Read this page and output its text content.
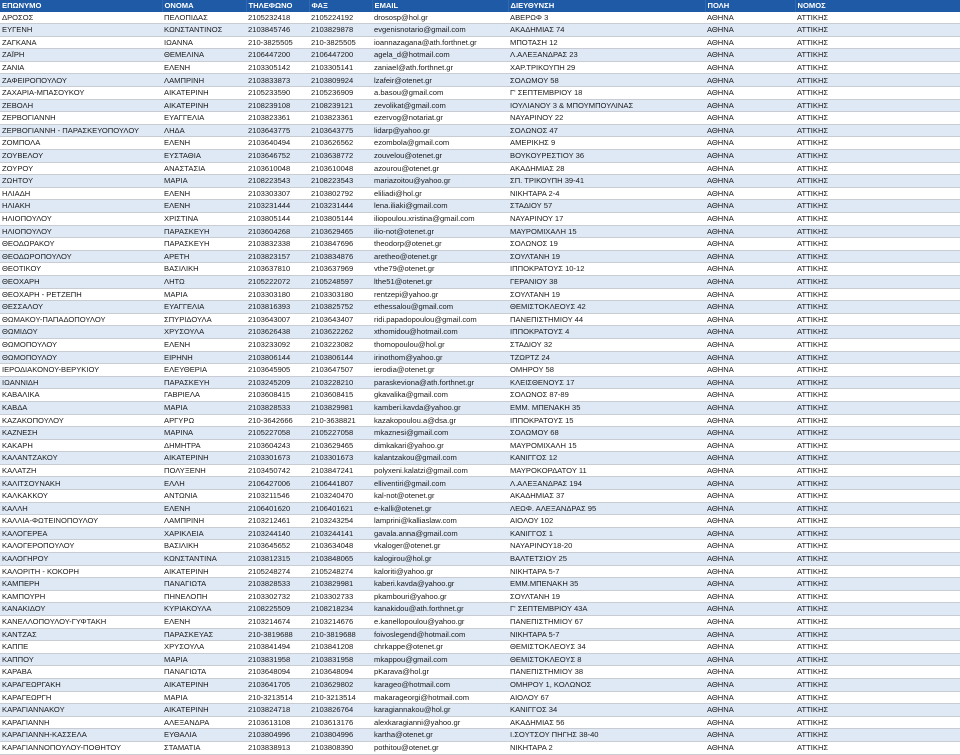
ΕΠΩΝΥΜΟ	ΟΝΟΜΑ	ΤΗΛΕΦΩΝΟ	ΦΑΞ	EMAIL	ΔΙΕΥΘΥΝΣΗ	ΠΟΛΗ	ΝΟΜΟΣ
ΔΡΟΣΟΣ	ΠΕΛΟΠΙΔΑΣ	2105232418	2105224192	drososp@hol.gr	ΑΒΕΡΩΦ 3	ΑΘΗΝΑ	ΑΤΤΙΚΗΣ
ΕΥΓΕΝΗ	ΚΩΝΣΤΑΝΤΙΝΟΣ	2103845746	2103829878	evgenisnotario@gmail.com	ΑΚΑΔΗΜΙΑΣ 74	ΑΘΗΝΑ	ΑΤΤΙΚΗΣ
ΖΑΓΚΑΝΑ	ΙΩΑΝΝΑ	210-3825505	210-3825505	ioannazagana@ath.forthnet.gr	ΜΠΟΤΑΣΗ 12	ΑΘΗΝΑ	ΑΤΤΙΚΗΣ
ΖΑΪΡΗ	ΘΕΜΕΛΙΝΑ	2106447200	2106447200	agela_d@hotmail.com	Λ.ΑΛΕΞΑΝΔΡΑΣ 23	ΑΘΗΝΑ	ΑΤΤΙΚΗΣ
ΖΑΝΙΑ	ΕΛΕΝΗ	2103305142	2103305141	zaniael@ath.forthnet.gr	ΧΑΡ.ΤΡΙΚΟΥΠΗ 29	ΑΘΗΝΑ	ΑΤΤΙΚΗΣ
ΖΑΦΕΙΡΟΠΟΥΛΟΥ	ΛΑΜΠΡΙΝΗ	2103833873	2103809924	lzafeir@otenet.gr	ΣΟΛΩΜΟΥ 58	ΑΘΗΝΑ	ΑΤΤΙΚΗΣ
ΖΑΧΑΡΙΑ-ΜΠΑΣΟΥΚΟΥ	ΑΙΚΑΤΕΡΙΝΗ	2105233590	2105236909	a.basou@gmail.com	Γ' ΣΕΠΤΕΜΒΡΙΟΥ 18	ΑΘΗΝΑ	ΑΤΤΙΚΗΣ
ΖΕΒΟΛΗ	ΑΙΚΑΤΕΡΙΝΗ	2108239108	2108239121	zevolikat@gmail.com	ΙΟΥΛΙΑΝΟΥ 3 & ΜΠΟΥΜΠΟΥΛΙΝΑΣ	ΑΘΗΝΑ	ΑΤΤΙΚΗΣ
ΖΕΡΒΟΓΙΑΝΝΗ	ΕΥΑΓΓΕΛΙΑ	2103823361	2103823361	ezervog@notariat.gr	ΝΑΥΑΡΙΝΟΥ 22	ΑΘΗΝΑ	ΑΤΤΙΚΗΣ
ΖΕΡΒΟΓΙΑΝΝΗ - ΠΑΡΑΣΚΕΥΟΠΟΥΛΟΥ	ΛΗΔΑ	2103643775	2103643775	lidarp@yahoo.gr	ΣΟΛΩΝΟΣ 47	ΑΘΗΝΑ	ΑΤΤΙΚΗΣ
ΖΟΜΠΟΛΑ	ΕΛΕΝΗ	2103640494	2103626562	ezombola@gmail.com	ΑΜΕΡΙΚΗΣ 9	ΑΘΗΝΑ	ΑΤΤΙΚΗΣ
ΖΟΥΒΕΛΟΥ	ΕΥΣΤΑΘΙΑ	2103646752	2103638772	zouvelou@otenet.gr	ΒΟΥΚΟΥΡΕΣΤΙΟΥ 36	ΑΘΗΝΑ	ΑΤΤΙΚΗΣ
ΖΟΥΡΟΥ	ΑΝΑΣΤΑΣΙΑ	2103610048	2103610048	azourou@otenet.gr	ΑΚΑΔΗΜΙΑΣ 28	ΑΘΗΝΑ	ΑΤΤΙΚΗΣ
ΖΩΗΤΟΥ	ΜΑΡΙΑ	2108223543	2108223543	mariazoitou@yahoo.gr	ΣΠ. ΤΡΙΚΟΥΠΗ 39-41	ΑΘΗΝΑ	ΑΤΤΙΚΗΣ
ΗΛΙΑΔΗ	ΕΛΕΝΗ	2103303307	2103802792	eliliadi@hol.gr	ΝΙΚΗΤΑΡΑ 2-4	ΑΘΗΝΑ	ΑΤΤΙΚΗΣ
ΗΛΙΑΚΗ	ΕΛΕΝΗ	2103231444	2103231444	lena.iliaki@gmail.com	ΣΤΑΔΙΟΥ 57	ΑΘΗΝΑ	ΑΤΤΙΚΗΣ
ΗΛΙΟΠΟΥΛΟΥ	ΧΡΙΣΤΙΝΑ	2103805144	2103805144	iliopoulou.xristina@gmail.com	ΝΑΥΑΡΙΝΟΥ 17	ΑΘΗΝΑ	ΑΤΤΙΚΗΣ
ΗΛΙΟΠΟΥΛΟΥ	ΠΑΡΑΣΚΕΥΗ	2103604268	2103629465	ilio-not@otenet.gr	ΜΑΥΡΟΜΙΧΑΛΗ 15	ΑΘΗΝΑ	ΑΤΤΙΚΗΣ
ΘΕΟΔΩΡΑΚΟΥ	ΠΑΡΑΣΚΕΥΗ	2103832338	2103847696	theodorp@otenet.gr	ΣΟΛΩΝΟΣ 19	ΑΘΗΝΑ	ΑΤΤΙΚΗΣ
ΘΕΟΔΩΡΟΠΟΥΛΟΥ	ΑΡΕΤΗ	2103823157	2103834876	aretheo@otenet.gr	ΣΟΥΛΤΑΝΗ 19	ΑΘΗΝΑ	ΑΤΤΙΚΗΣ
ΘΕΟΤΙΚΟΥ	ΒΑΣΙΛΙΚΗ	2103637810	2103637969	vthe79@otenet.gr	ΙΠΠΟΚΡΑΤΟΥΣ 10-12	ΑΘΗΝΑ	ΑΤΤΙΚΗΣ
ΘΕΟΧΑΡΗ	ΛΗΤΩ	2105222072	2105248597	lthe51@otenet.gr	ΓΕΡΑΝΙΟΥ 38	ΑΘΗΝΑ	ΑΤΤΙΚΗΣ
ΘΕΟΧΑΡΗ - ΡΕΤΖΕΠΗ	ΜΑΡΙΑ	2103303180	2103303180	rentzepi@yahoo.gr	ΣΟΥΛΤΑΝΗ 19	ΑΘΗΝΑ	ΑΤΤΙΚΗΣ
ΘΕΣΣΑΛΟΥ	ΕΥΑΓΓΕΛΙΑ	2103816393	2103825752	ethessalou@gmail.com	ΘΕΜΙΣΤΟΚΛΕΟΥΣ 42	ΑΘΗΝΑ	ΑΤΤΙΚΗΣ
ΘΩΜΑΚΟΥ-ΠΑΠΑΔΟΠΟΥΛΟΥ	ΣΠΥΡΙΔΟΥΛΑ	2103643007	2103643407	ridi.papadopoulou@gmail.com	ΠΑΝΕΠΙΣΤΗΜΙΟΥ 44	ΑΘΗΝΑ	ΑΤΤΙΚΗΣ
ΘΩΜΙΔΟΥ	ΧΡΥΣΟΥΛΑ	2103626438	2103622262	xthomidou@hotmail.com	ΙΠΠΟΚΡΑΤΟΥΣ 4	ΑΘΗΝΑ	ΑΤΤΙΚΗΣ
ΘΩΜΟΠΟΥΛΟΥ	ΕΛΕΝΗ	2103233092	2103223082	thomopoulou@hol.gr	ΣΤΑΔΙΟΥ 32	ΑΘΗΝΑ	ΑΤΤΙΚΗΣ
ΘΩΜΟΠΟΥΛΟΥ	ΕΙΡΗΝΗ	2103806144	2103806144	irinothom@yahoo.gr	ΤΖΩΡΤΖ 24	ΑΘΗΝΑ	ΑΤΤΙΚΗΣ
ΙΕΡΟΔΙΑΚΟΝΟΥ-ΒΕΡΥΚΙΟΥ	ΕΛΕΥΘΕΡΙΑ	2103645905	2103647507	ierodia@otenet.gr	ΟΜΗΡΟΥ 58	ΑΘΗΝΑ	ΑΤΤΙΚΗΣ
ΙΩΑΝΝΙΔΗ	ΠΑΡΑΣΚΕΥΗ	2103245209	2103228210	paraskeviona@ath.forthnet.gr	ΚΛΕΙΣΘΕΝΟΥΣ 17	ΑΘΗΝΑ	ΑΤΤΙΚΗΣ
ΚΑΒΑΛΙΚΑ	ΓΑΒΡΙΕΛΑ	2103608415	2103608415	gkavalika@gmail.com	ΣΟΛΩΝΟΣ 87-89	ΑΘΗΝΑ	ΑΤΤΙΚΗΣ
ΚΑΒΔΑ	ΜΑΡΙΑ	2103828533	2103829981	kamberi.kavda@yahoo.gr	ΕΜΜ. ΜΠΕΝΑΚΗ 35	ΑΘΗΝΑ	ΑΤΤΙΚΗΣ
ΚΑΖΑΚΟΠΟΥΛΟΥ	ΑΡΓΥΡΩ	210-3642666	210-3638821	kazakopoulou.a@dsa.gr	ΙΠΠΟΚΡΑΤΟΥΣ 15	ΑΘΗΝΑ	ΑΤΤΙΚΗΣ
ΚΑΖΝΕΣΗ	ΜΑΡΙΝΑ	2105227058	2105227058	mkaznesi@gmail.com	ΣΟΛΩΜΟΥ 68	ΑΘΗΝΑ	ΑΤΤΙΚΗΣ
ΚΑΚΑΡΗ	ΔΗΜΗΤΡΑ	2103604243	2103629465	dimkakari@yahoo.gr	ΜΑΥΡΟΜΙΧΑΛΗ 15	ΑΘΗΝΑ	ΑΤΤΙΚΗΣ
ΚΑΛΑΝΤΖΑΚΟΥ	ΑΙΚΑΤΕΡΙΝΗ	2103301673	2103301673	kalantzakou@gmail.com	ΚΑΝΙΓΓΟΣ 12	ΑΘΗΝΑ	ΑΤΤΙΚΗΣ
ΚΑΛΑΤΖΗ	ΠΟΛΥΞΕΝΗ	2103450742	2103847241	polyxeni.kalatzi@gmail.com	ΜΑΥΡΟΚΟΡΔΑΤΟΥ 11	ΑΘΗΝΑ	ΑΤΤΙΚΗΣ
ΚΑΛΙΤΣΟΥΝΑΚΗ	ΕΛΛΗ	2106427006	2106441807	elliventiri@gmail.com	Λ.ΑΛΕΞΑΝΔΡΑΣ 194	ΑΘΗΝΑ	ΑΤΤΙΚΗΣ
ΚΑΛΚΑΚΚΟΥ	ΑΝΤΩΝΙΑ	2103211546	2103240470	kal-not@otenet.gr	ΑΚΑΔΗΜΙΑΣ 37	ΑΘΗΝΑ	ΑΤΤΙΚΗΣ
ΚΑΛΛΗ	ΕΛΕΝΗ	2106401620	2106401621	e-kalli@otenet.gr	ΛΕΩΦ. ΑΛΕΞΑΝΔΡΑΣ 95	ΑΘΗΝΑ	ΑΤΤΙΚΗΣ
ΚΑΛΛΙΑ-ΦΩΤΕΙΝΟΠΟΥΛΟΥ	ΛΑΜΠΡΙΝΗ	2103212461	2103243254	lamprini@kalliaslaw.com	ΑΙΟΛΟΥ 102	ΑΘΗΝΑ	ΑΤΤΙΚΗΣ
ΚΑΛΟΓΕΡΕΑ	ΧΑΡΙΚΛΕΙΑ	2103244140	2103244141	gavala.anna@gmail.com	ΚΑΝΙΓΓΟΣ 1	ΑΘΗΝΑ	ΑΤΤΙΚΗΣ
ΚΑΛΟΓΕΡΟΠΟΥΛΟΥ	ΒΑΣΙΛΙΚΗ	2103645652	2103634048	vkaloger@otenet.gr	ΝΑΥΑΡΙΝΟΥ18-20	ΑΘΗΝΑ	ΑΤΤΙΚΗΣ
ΚΑΛΟΓΗΡΟΥ	ΚΩΝΣΤΑΝΤΙΝΑ	2103812315	2103848065	kalogirou@hol.gr	ΒΑΛΤΕΤΣΙΟΥ 25	ΑΘΗΝΑ	ΑΤΤΙΚΗΣ
ΚΑΛΟΡΙΤΗ - ΚΟΚΟΡΗ	ΑΙΚΑΤΕΡΙΝΗ	2105248274	2105248274	kaloriti@yahoo.gr	ΝΙΚΗΤΑΡΑ 5-7	ΑΘΗΝΑ	ΑΤΤΙΚΗΣ
ΚΑΜΠΕΡΗ	ΠΑΝΑΓΙΩΤΑ	2103828533	2103829981	kaberi.kavda@yahoo.gr	ΕΜΜ.ΜΠΕΝΑΚΗ 35	ΑΘΗΝΑ	ΑΤΤΙΚΗΣ
ΚΑΜΠΟΥΡΗ	ΠΗΝΕΛΟΠΗ	2103302732	2103302733	pkambouri@yahoo.gr	ΣΟΥΛΤΑΝΗ 19	ΑΘΗΝΑ	ΑΤΤΙΚΗΣ
ΚΑΝΑΚΙΔΟΥ	ΚΥΡΙΑΚΟΥΛΑ	2108225509	2108218234	kanakidou@ath.forthnet.gr	Γ' ΣΕΠΤΕΜΒΡΙΟΥ 43Α	ΑΘΗΝΑ	ΑΤΤΙΚΗΣ
ΚΑΝΕΛΛΟΠΟΥΛΟΥ-ΓΥΦΤΑΚΗ	ΕΛΕΝΗ	2103214674	2103214676	e.kanellopoulou@yahoo.gr	ΠΑΝΕΠΙΣΤΗΜΙΟΥ 67	ΑΘΗΝΑ	ΑΤΤΙΚΗΣ
ΚΑΝΤΖΑΣ	ΠΑΡΑΣΚΕΥΑΣ	210-3819688	210-3819688	foivoslegend@hotmail.com	ΝΙΚΗΤΑΡΑ 5-7	ΑΘΗΝΑ	ΑΤΤΙΚΗΣ
ΚΑΠΠΕ	ΧΡΥΣΟΥΛΑ	2103841494	2103841208	chrkappe@otenet.gr	ΘΕΜΙΣΤΟΚΛΕΟΥΣ 34	ΑΘΗΝΑ	ΑΤΤΙΚΗΣ
ΚΑΠΠΟΥ	ΜΑΡΙΑ	2103831958	2103831958	mkappou@gmail.com	ΘΕΜΙΣΤΟΚΛΕΟΥΣ 8	ΑΘΗΝΑ	ΑΤΤΙΚΗΣ
ΚΑΡΑΒΑ	ΠΑΝΑΓΙΩΤΑ	2103648094	2103648094	pKarava@hol.gr	ΠΑΝΕΠΙΣΤΗΜΙΟΥ 38	ΑΘΗΝΑ	ΑΤΤΙΚΗΣ
ΚΑΡΑΓΕΩΡΓΑΚΗ	ΑΙΚΑΤΕΡΙΝΗ	2103641705	2103629802	karageo@hotmail.com	ΟΜΗΡΟΥ 1, ΚΟΛΩΝΟΣ	ΑΘΗΝΑ	ΑΤΤΙΚΗΣ
ΚΑΡΑΓΕΩΡΓΗ	ΜΑΡΙΑ	210-3213514	210-3213514	makarageorgi@hotmail.com	ΑΙΟΛΟΥ 67	ΑΘΗΝΑ	ΑΤΤΙΚΗΣ
ΚΑΡΑΓΙΑΝΝΑΚΟΥ	ΑΙΚΑΤΕΡΙΝΗ	2103824718	2103826764	karagiannakou@hol.gr	ΚΑΝΙΓΓΟΣ 34	ΑΘΗΝΑ	ΑΤΤΙΚΗΣ
ΚΑΡΑΓΙΑΝΝΗ	ΑΛΕΞΑΝΔΡΑ	2103613108	2103613176	alexkaragianni@yahoo.gr	ΑΚΑΔΗΜΙΑΣ 56	ΑΘΗΝΑ	ΑΤΤΙΚΗΣ
ΚΑΡΑΓΙΑΝΝΗ-ΚΑΣΣΕΛΑ	ΕΥΘΑΛΙΑ	2103804996	2103804996	kartha@otenet.gr	Ι.ΣΟΥΤΣΟΥ ΠΗΓΗΣ 38-40	ΑΘΗΝΑ	ΑΤΤΙΚΗΣ
ΚΑΡΑΓΙΑΝΝΟΠΟΥΛΟΥ-ΠΟΘΗΤΟΥ	ΣΤΑΜΑΤΙΑ	2103838913	2103808390	pothitou@otenet.gr	ΝΙΚΗΤΑΡΑ 2	ΑΘΗΝΑ	ΑΤΤΙΚΗΣ
